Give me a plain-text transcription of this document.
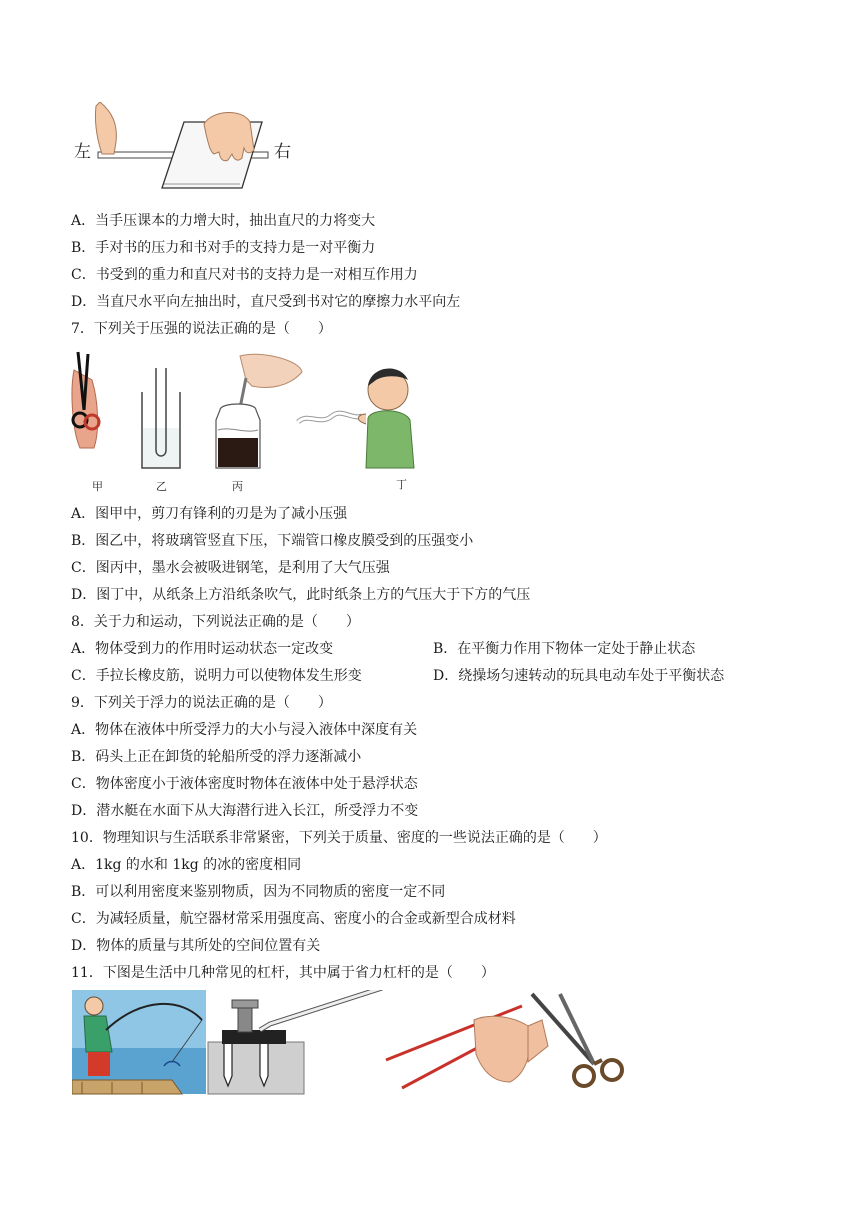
左	右
A．当手压课本的力增大时，抽出直尺的力将变大
B．手对书的压力和书对手的支持力是一对平衡力
C．书受到的重力和直尺对书的支持力是一对相互作用力
D．当直尺水平向左抽出时，直尺受到书对它的摩擦力水平向左
7．下列关于压强的说法正确的是（　　）
甲	乙	丙	丁
A．图甲中，剪刀有锋利的刃是为了减小压强
B．图乙中，将玻璃管竖直下压，下端管口橡皮膜受到的压强变小
C．图丙中，墨水会被吸进钢笔，是利用了大气压强
D．图丁中，从纸条上方沿纸条吹气，此时纸条上方的气压大于下方的气压
8．关于力和运动，下列说法正确的是（　　）
A．物体受到力的作用时运动状态一定改变	B．在平衡力作用下物体一定处于静止状态
C．手拉长橡皮筋，说明力可以使物体发生形变	D．绕操场匀速转动的玩具电动车处于平衡状态
9．下列关于浮力的说法正确的是（　　）
A．物体在液体中所受浮力的大小与浸入液体中深度有关
B．码头上正在卸货的轮船所受的浮力逐渐减小
C．物体密度小于液体密度时物体在液体中处于悬浮状态
D．潜水艇在水面下从大海潜行进入长江，所受浮力不变
10．物理知识与生活联系非常紧密，下列关于质量、密度的一些说法正确的是（　　）
A．1kg 的水和 1kg 的冰的密度相同
B．可以利用密度来鉴别物质，因为不同物质的密度一定不同
C．为减轻质量，航空器材常采用强度高、密度小的合金或新型合成材料
D．物体的质量与其所处的空间位置有关
11．下图是生活中几种常见的杠杆，其中属于省力杠杆的是（　　）
